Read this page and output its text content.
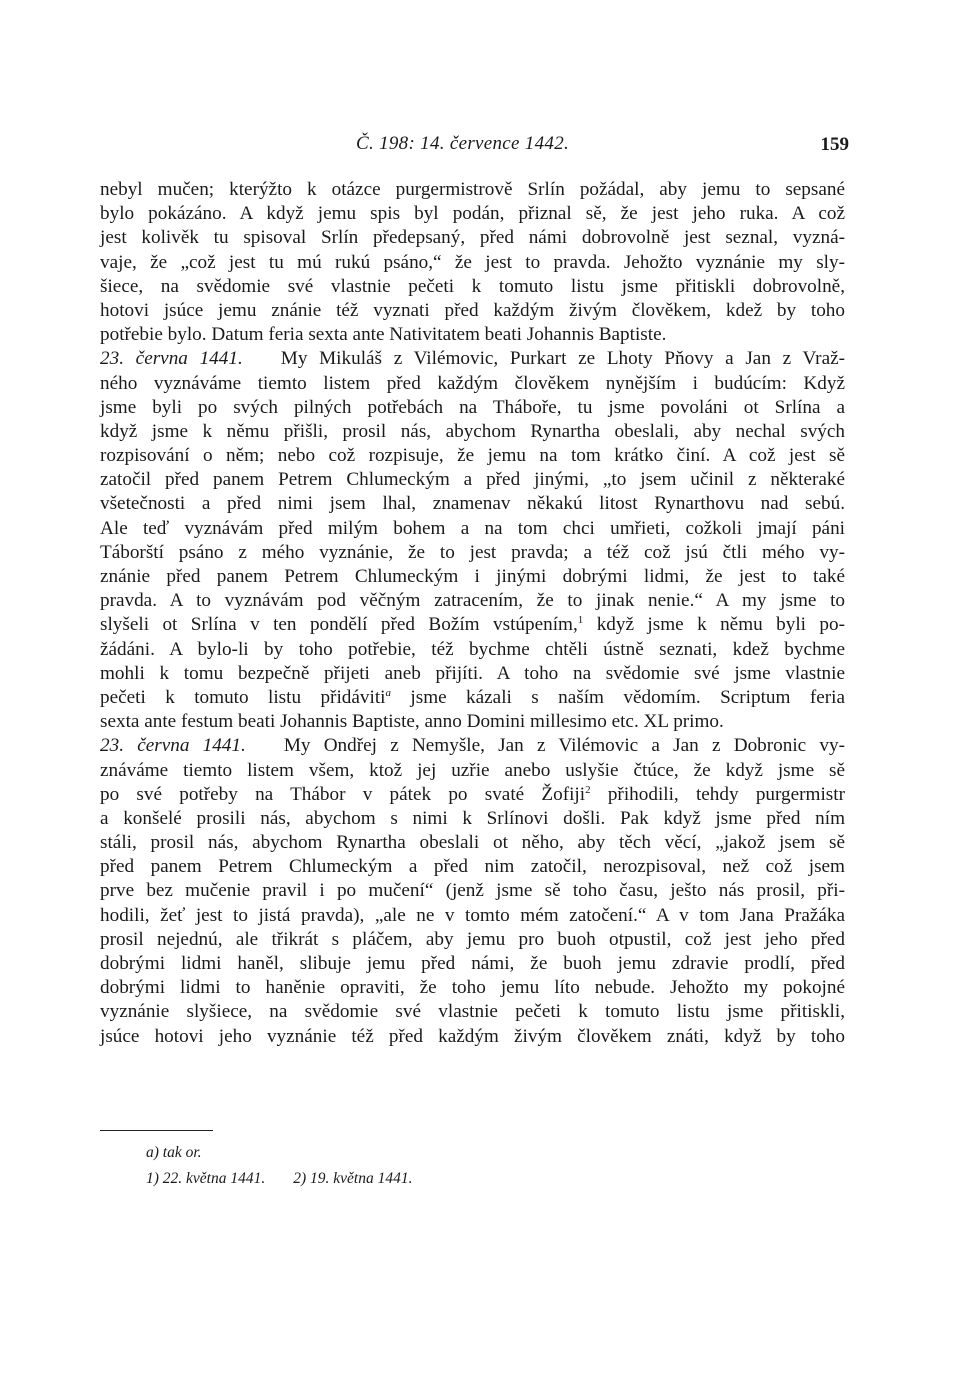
Č. 198: 14. července 1442.	159
nebyl mučen; kterýžto k otázce purgermistrově Srlín požádal, aby jemu to sepsané
bylo pokázáno. A když jemu spis byl podán, přiznal sě, že jest jeho ruka. A což
jest kolivěk tu spisoval Srlín předepsaný, před námi dobrovolně jest seznal, vyzná-
vaje, že „což jest tu mú rukú psáno,“ že jest to pravda. Jehožto vyznánie my sly-
šiece, na svědomie své vlastnie pečeti k tomuto listu jsme přitiskli dobrovolně,
hotovi jsúce jemu znánie též vyznati před každým živým člověkem, kdež by toho
potřebie bylo. Datum feria sexta ante Nativitatem beati Johannis Baptiste.
23. června 1441. My Mikuláš z Vilémovic, Purkart ze Lhoty Pňovy a Jan z Vraž-
ného vyznáváme tiemto listem před každým člověkem nynějším i budúcím: Když
jsme byli po svých pilných potřebách na Tháboře, tu jsme povoláni ot Srlína a
když jsme k němu přišli, prosil nás, abychom Rynartha obeslali, aby nechal svých
rozpisování o něm; nebo což rozpisuje, že jemu na tom krátko činí. A což jest sě
zatočil před panem Petrem Chlumeckým a před jinými, „to jsem učinil z některaké
všetečnosti a před nimi jsem lhal, znamenav někakú litost Rynarthovu nad sebú.
Ale teď vyznávám před milým bohem a na tom chci umřieti, cožkoli jmají páni
Táborští psáno z mého vyznánie, že to jest pravda; a též což jsú čtli mého vy-
znánie před panem Petrem Chlumeckým i jinými dobrými lidmi, že jest to také
pravda. A to vyznávám pod věčným zatracením, že to jinak nenie.“ A my jsme to
slyšeli ot Srlína v ten pondělí před Božím vstúpením,$^1$ když jsme k němu byli po-
žádáni. A bylo-li by toho potřebie, též bychme chtěli ústně seznati, kdež bychme
mohli k tomu bezpečně přijeti aneb přijíti. A toho na svědomie své jsme vlastnie
pečeti k tomuto listu přidáviti$^a$ jsme kázali s naším vědomím. Scriptum feria
sexta ante festum beati Johannis Baptiste, anno Domini millesimo etc. XL primo.
23. června 1441. My Ondřej z Nemyšle, Jan z Vilémovic a Jan z Dobronic vy-
znáváme tiemto listem všem, ktož jej uzřie anebo uslyšie čtúce, že když jsme sě
po své potřeby na Thábor v pátek po svaté Žofiji$^2$ přihodili, tehdy purgermistr
a konšelé prosili nás, abychom s nimi k Srlínovi došli. Pak když jsme před ním
stáli, prosil nás, abychom Rynartha obeslali ot něho, aby těch věcí, „jakož jsem sě
před panem Petrem Chlumeckým a před nim zatočil, nerozpisoval, než což jsem
prve bez mučenie pravil i po mučení“ (jenž jsme sě toho času, ješto nás prosil, při-
hodili, žeť jest to jistá pravda), „ale ne v tomto mém zatočení.“ A v tom Jana Pražáka
prosil nejednú, ale třikrát s pláčem, aby jemu pro buoh otpustil, což jest jeho před
dobrými lidmi haněl, slibuje jemu před námi, že buoh jemu zdravie prodlí, před
dobrými lidmi to haněnie opraviti, že toho jemu líto nebude. Jehožto my pokojné
vyznánie slyšiece, na svědomie své vlastnie pečeti k tomuto listu jsme přitiskli,
jsúce hotovi jeho vyznánie též před každým živým člověkem znáti, když by toho
a) tak or.
1) 22. května 1441. 2) 19. května 1441.
